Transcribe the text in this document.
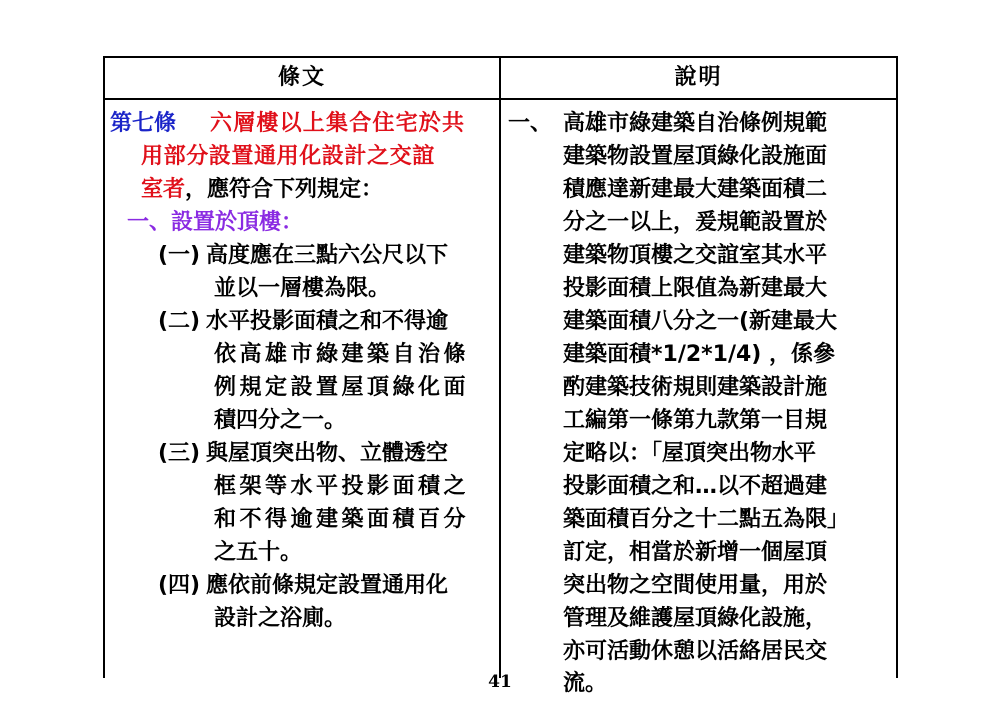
條文	說明
第七條 六層樓以上集合住宅於共
用部分設置通用化設計之交誼
室者 ，應符合下列規定：
一、設置於頂樓：
(一) 高度應在三點六公尺以下
並以一層樓為限。
(二) 水平投影面積之和不得逾
依高雄市綠建築自治條
例規定設置屋頂綠化面
積四分之一。
(三) 與屋頂突出物、立體透空
框架等水平投影面積之
和不得逾建築面積百分
之五十。
(四) 應依前條規定設置通用化
設計之浴廁。
一、 高雄市綠建築自治條例規範
建築物設置屋頂綠化設施面
積應達新建最大建築面積二
分之一以上，爰規範設置於
建築物頂樓之交誼室其水平
投影面積上限值為新建最大
建築面積八分之一(新建最大
建築面積*1/2*1/4) ，係參
酌建築技術規則建築設計施
工編第一條第九款第一目規
定略以：「屋頂突出物水平
投影面積之和…以不超過建
築面積百分之十二點五為限」
訂定，相當於新增一個屋頂
突出物之空間使用量，用於
管理及維護屋頂綠化設施，
亦可活動休憩以活絡居民交
流。
41
